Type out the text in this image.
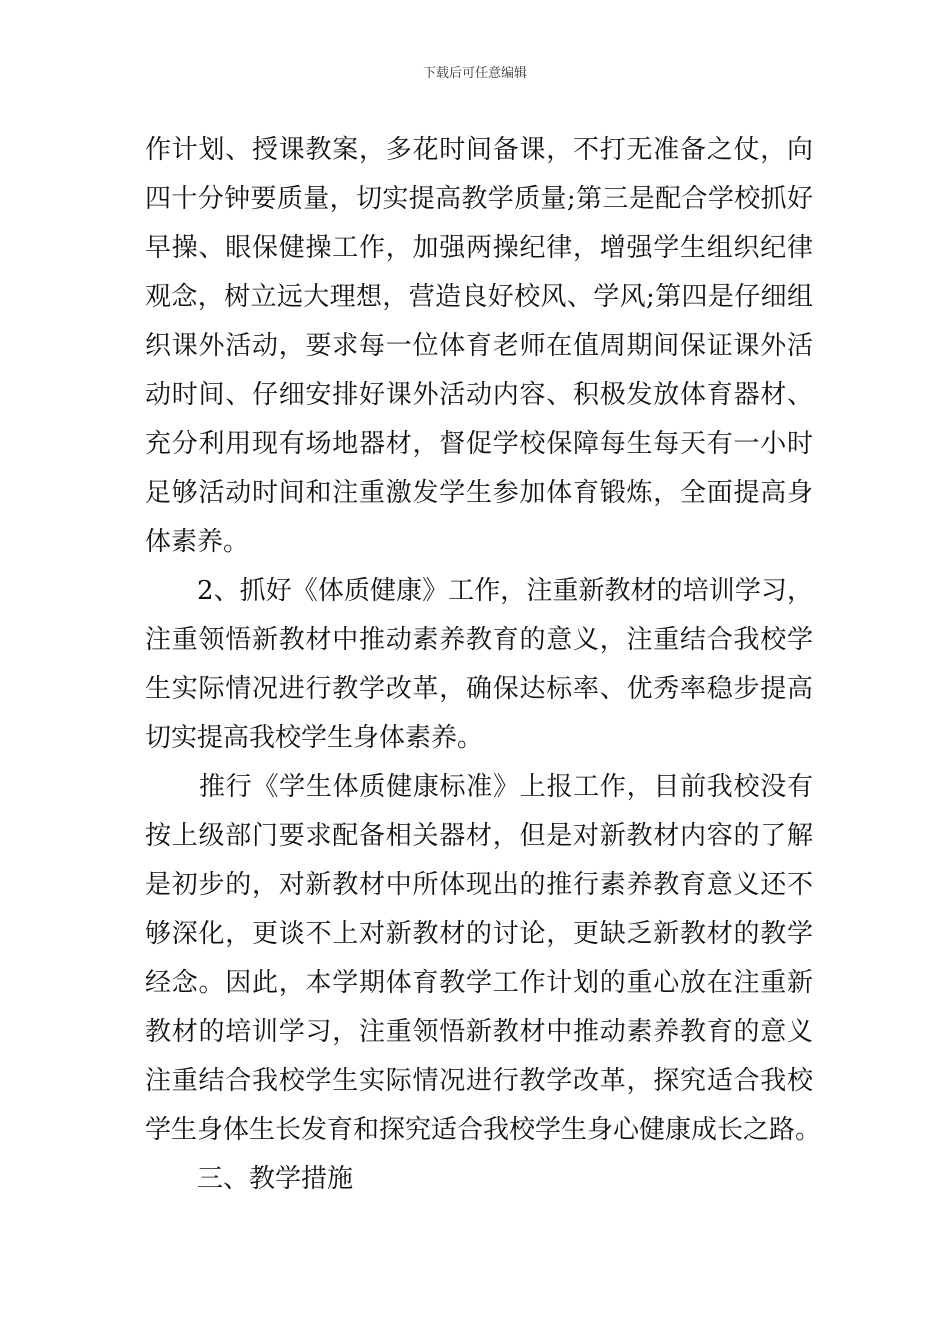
下载后可任意编辑
作计划、授课教案，多花时间备课，不打无准备之仗，向
四十分钟要质量，切实提高教学质量;第三是配合学校抓好
早操、眼保健操工作，加强两操纪律，增强学生组织纪律
观念，树立远大理想，营造良好校风、学风;第四是仔细组
织课外活动，要求每一位体育老师在值周期间保证课外活
动时间、仔细安排好课外活动内容、积极发放体育器材、
充分利用现有场地器材，督促学校保障每生每天有一小时
足够活动时间和注重激发学生参加体育锻炼，全面提高身
体素养。
2、抓好《体质健康》工作，注重新教材的培训学习，
注重领悟新教材中推动素养教育的意义，注重结合我校学
生实际情况进行教学改革，确保达标率、优秀率稳步提高
切实提高我校学生身体素养。
推行《学生体质健康标准》上报工作，目前我校没有
按上级部门要求配备相关器材，但是对新教材内容的了解
是初步的，对新教材中所体现出的推行素养教育意义还不
够深化，更谈不上对新教材的讨论，更缺乏新教材的教学
经念。因此，本学期体育教学工作计划的重心放在注重新
教材的培训学习，注重领悟新教材中推动素养教育的意义
注重结合我校学生实际情况进行教学改革，探究适合我校
学生身体生长发育和探究适合我校学生身心健康成长之路。
三、教学措施
